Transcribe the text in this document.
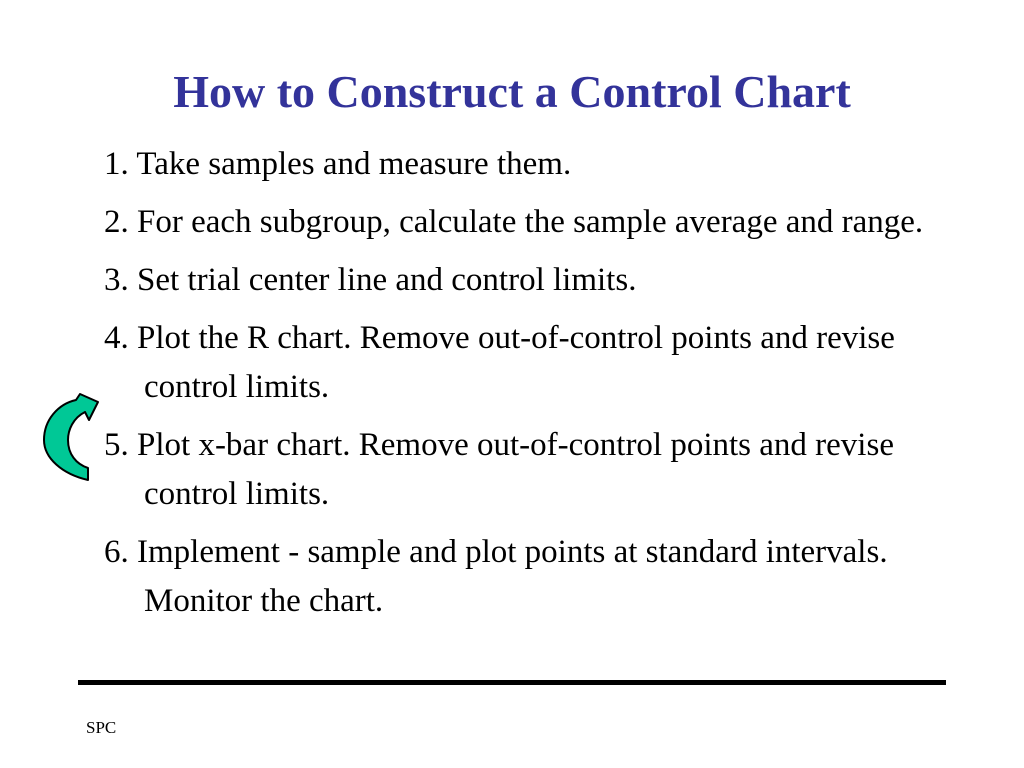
How to Construct a Control Chart
1. Take samples and measure them.
2. For each subgroup, calculate the sample average and range.
3. Set trial center line and control limits.
4. Plot the R chart. Remove out-of-control points and revise control limits.
5. Plot x-bar chart. Remove out-of-control points and revise control limits.
6. Implement - sample and plot points at standard intervals. Monitor the chart.
SPC
